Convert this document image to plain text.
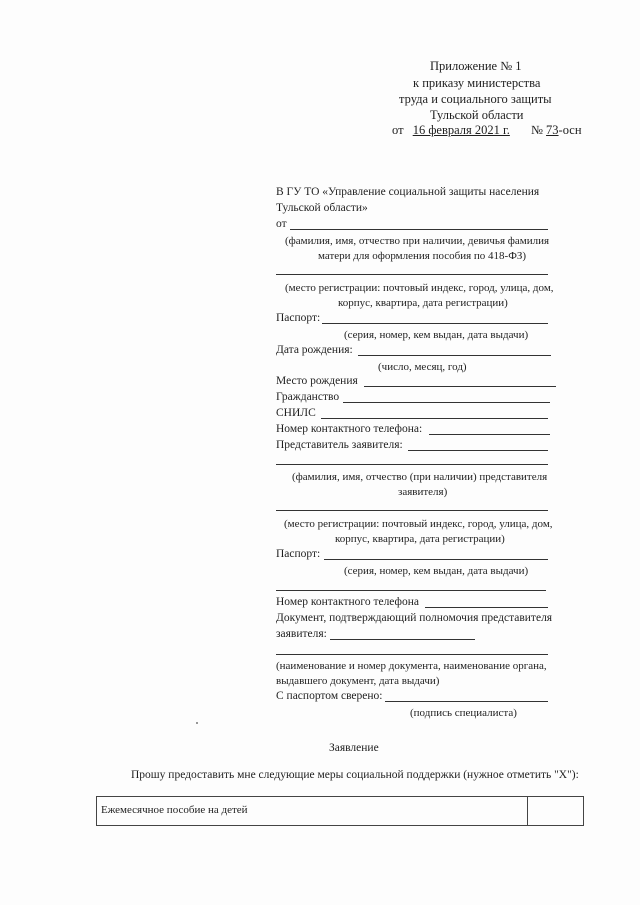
Приложение № 1
к приказу министерства
труда и социального защиты
Тульской области
от 16 февраля 2021 г. № 73-осн
В ГУ ТО «Управление социальной защиты населения
Тульской области»
от
(фамилия, имя, отчество при наличии, девичья фамилия
матери для оформления пособия по 418-ФЗ)
(место регистрации: почтовый индекс, город, улица, дом,
корпус, квартира, дата регистрации)
Паспорт:
(серия, номер, кем выдан, дата выдачи)
Дата рождения:
(число, месяц, год)
Место рождения
Гражданство
СНИЛС
Номер контактного телефона:
Представитель заявителя:
(фамилия, имя, отчество (при наличии) представителя
заявителя)
(место регистрации: почтовый индекс, город, улица, дом,
корпус, квартира, дата регистрации)
Паспорт:
(серия, номер, кем выдан, дата выдачи)
Номер контактного телефона
Документ, подтверждающий полномочия представителя
заявителя:
(наименование и номер документа, наименование органа,
выдавшего документ, дата выдачи)
С паспортом сверено:
(подпись специалиста)
Заявление
Прошу предоставить мне следующие меры социальной поддержки (нужное отметить "Х"):
Ежемесячное пособие на детей
